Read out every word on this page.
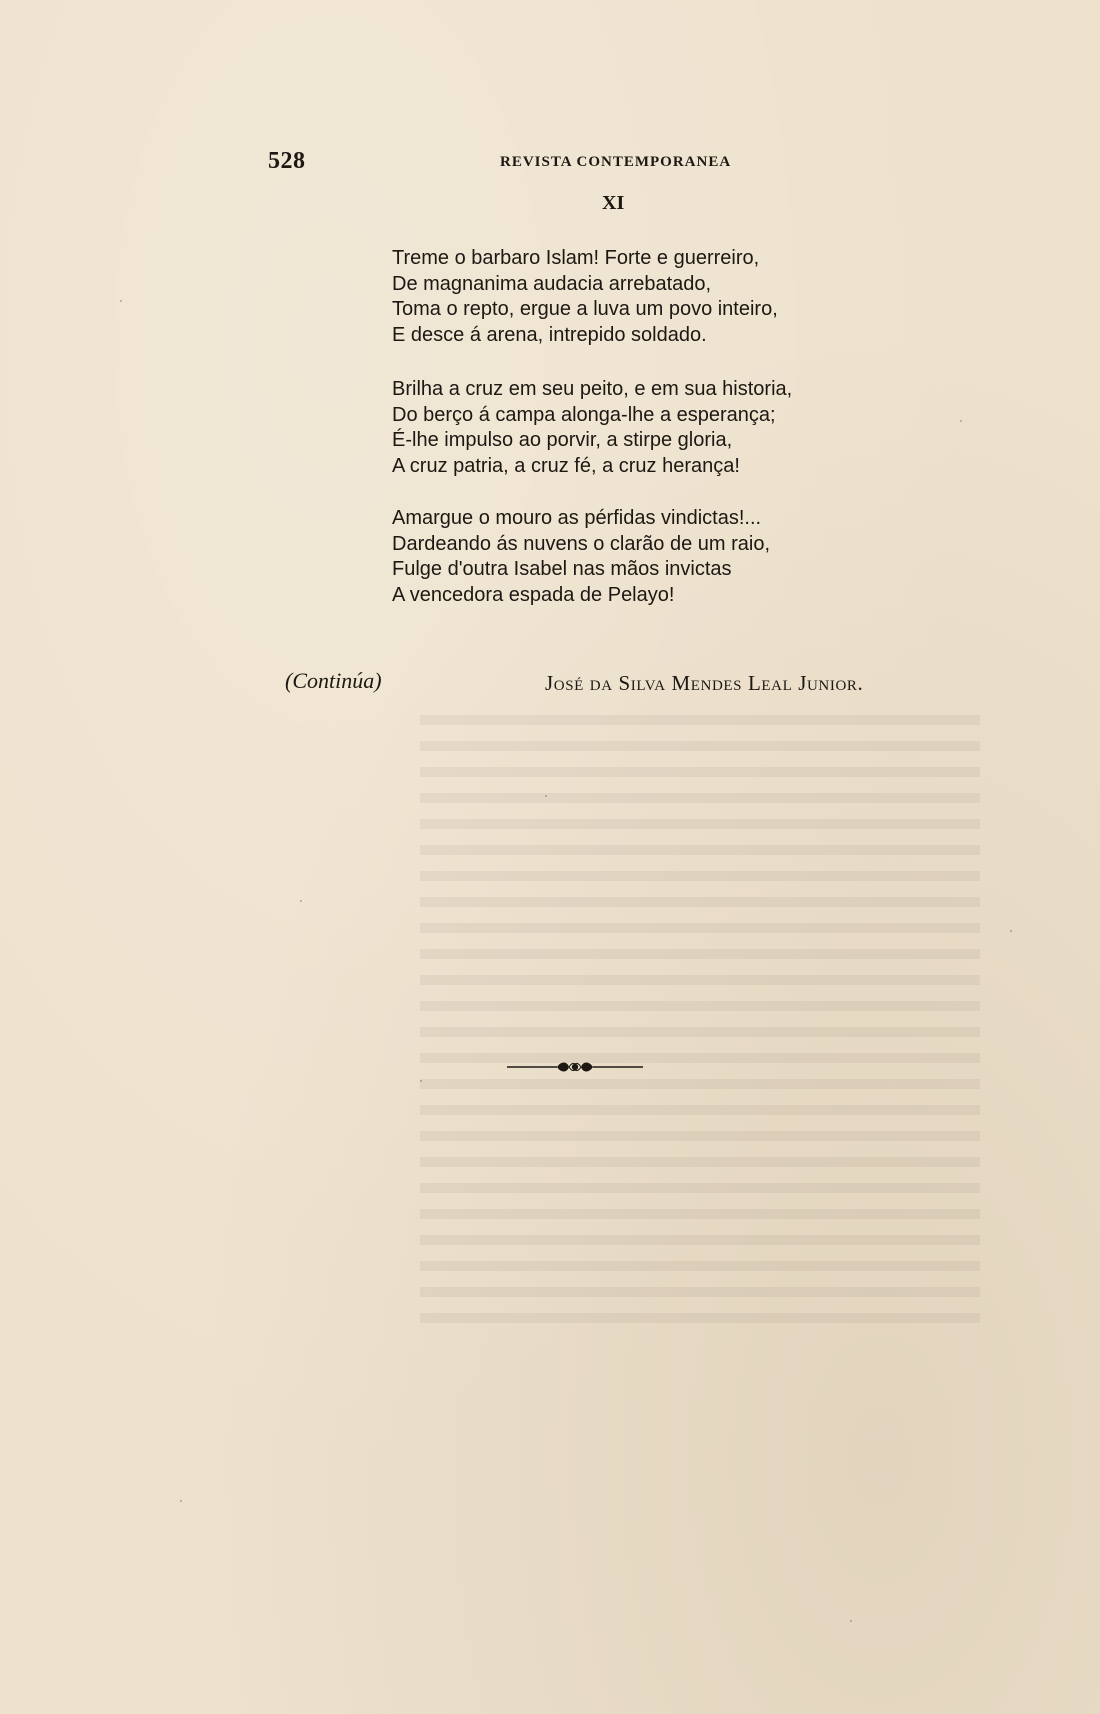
528	REVISTA CONTEMPORANEA
XI
Treme o barbaro Islam! Forte e guerreiro,
De magnanima audacia arrebatado,
Toma o repto, ergue a luva um povo inteiro,
E desce á arena, intrepido soldado.
Brilha a cruz em seu peito, e em sua historia,
Do berço á campa alonga-lhe a esperança;
É-lhe impulso ao porvir, a stirpe gloria,
A cruz patria, a cruz fé, a cruz herança!
Amargue o mouro as pérfidas vindictas!...
Dardeando ás nuvens o clarão de um raio,
Fulge d'outra Isabel nas mãos invictas
A vencedora espada de Pelayo!
(Continúa)	José da Silva Mendes Leal Junior.
